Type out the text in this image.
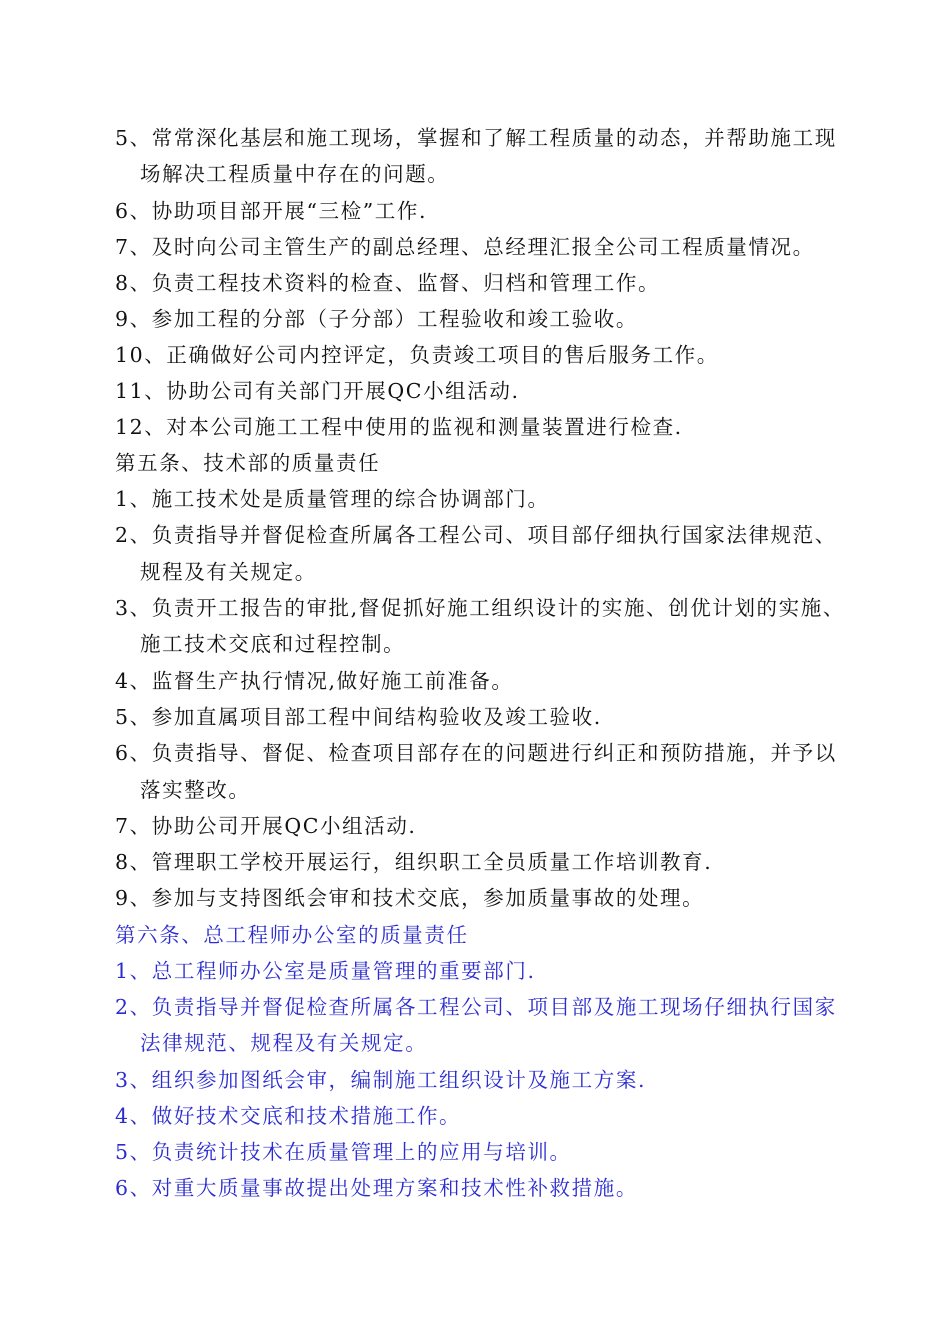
5、常常深化基层和施工现场，掌握和了解工程质量的动态，并帮助施工现
场解决工程质量中存在的问题。
6、协助项目部开展“三检”工作.
7、及时向公司主管生产的副总经理、总经理汇报全公司工程质量情况。
8、负责工程技术资料的检查、监督、归档和管理工作。
9、参加工程的分部（子分部）工程验收和竣工验收。
10、正确做好公司内控评定，负责竣工项目的售后服务工作。
11、协助公司有关部门开展QC小组活动.
12、对本公司施工工程中使用的监视和测量装置进行检查.
第五条、技术部的质量责任
1、施工技术处是质量管理的综合协调部门。
2、负责指导并督促检查所属各工程公司、项目部仔细执行国家法律规范、
规程及有关规定。
3、负责开工报告的审批,督促抓好施工组织设计的实施、创优计划的实施、
施工技术交底和过程控制。
4、监督生产执行情况,做好施工前准备。
5、参加直属项目部工程中间结构验收及竣工验收.
6、负责指导、督促、检查项目部存在的问题进行纠正和预防措施，并予以
落实整改。
7、协助公司开展QC小组活动.
8、管理职工学校开展运行，组织职工全员质量工作培训教育.
9、参加与支持图纸会审和技术交底，参加质量事故的处理。
第六条、总工程师办公室的质量责任
1、总工程师办公室是质量管理的重要部门.
2、负责指导并督促检查所属各工程公司、项目部及施工现场仔细执行国家
法律规范、规程及有关规定。
3、组织参加图纸会审，编制施工组织设计及施工方案.
4、做好技术交底和技术措施工作。
5、负责统计技术在质量管理上的应用与培训。
6、对重大质量事故提出处理方案和技术性补救措施。
